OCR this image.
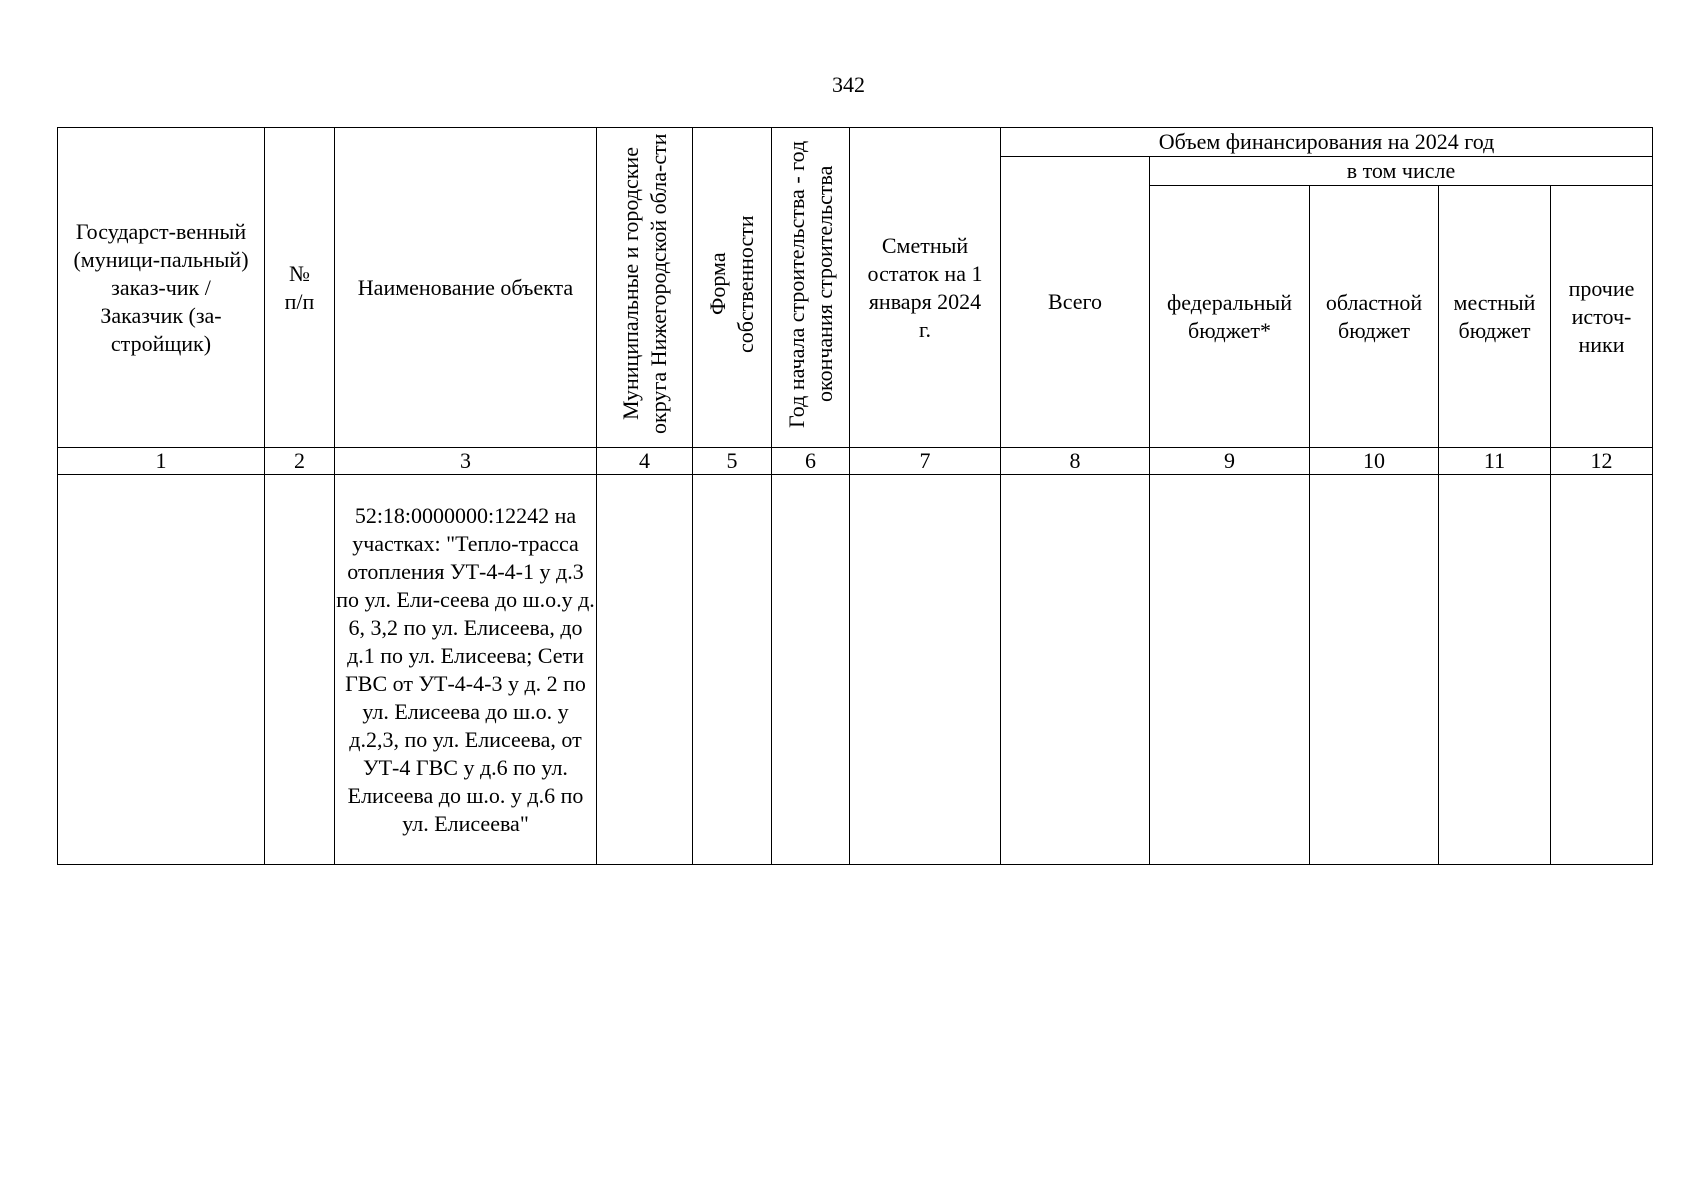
342
Государст-венный (муници-пальный) заказ-чик / Заказчик (за-стройщик)	№ п/п	Наименование объекта	Муниципальные и городские округа Нижегородской обла-сти	Форма собственности	Год начала строительства - год окончания строительства	Сметный остаток на 1 января 2024 г.	Объем финансирования на 2024 год				
							Всего	в том числе			
								федеральный бюджет*	областной бюджет	местный бюджет	прочие источ-ники
1	2	3	4	5	6	7	8	9	10	11	12
		52:18:0000000:12242 на участках: "Тепло-трасса отопления УТ-4-4-1 у д.3 по ул. Ели-сеева до ш.о.у д. 6, 3,2 по ул. Елисеева, до д.1 по ул. Елисеева; Сети ГВС от УТ-4-4-3 у д. 2 по ул. Елисеева до ш.о. у д.2,3, по ул. Елисеева, от УТ-4 ГВС у д.6 по ул. Елисеева до ш.о. у д.6 по ул. Елисеева"									
